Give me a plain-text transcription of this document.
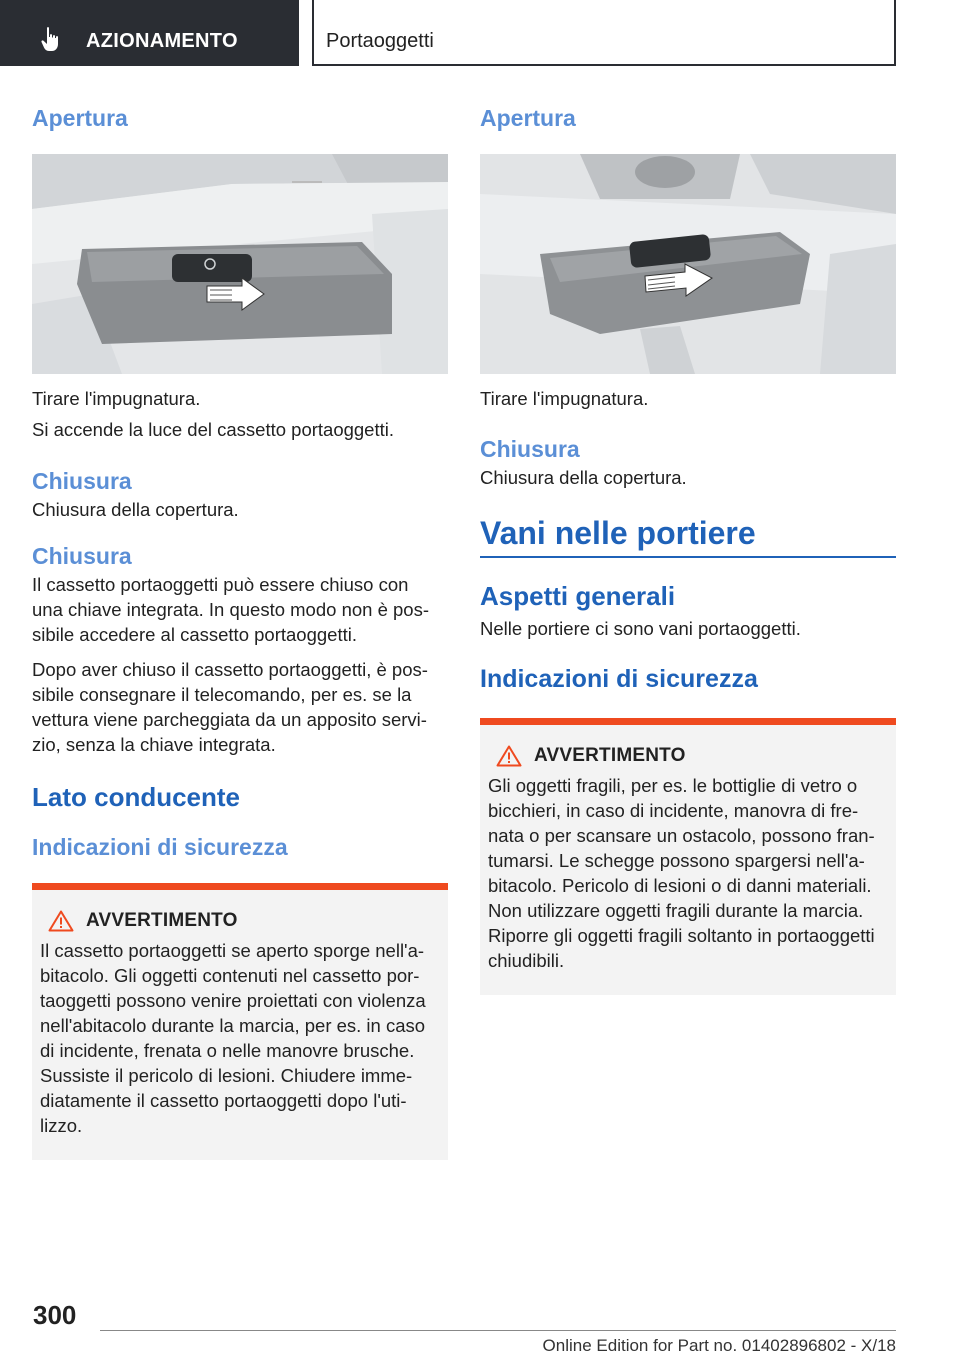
AZIONAMENTO	Portaoggetti
Apertura
Tirare l'impugnatura.
Si accende la luce del cassetto portaoggetti.
Chiusura
Chiusura della copertura.
Chiusura
Il cassetto portaoggetti può essere chiuso con
una chiave integrata. In questo modo non è pos-
sibile accedere al cassetto portaoggetti.
Dopo aver chiuso il cassetto portaoggetti, è pos-
sibile consegnare il telecomando, per es. se la
vettura viene parcheggiata da un apposito servi-
zio, senza la chiave integrata.
Lato conducente
Indicazioni di sicurezza
AVVERTIMENTO
Il cassetto portaoggetti se aperto sporge nell'a-
bitacolo. Gli oggetti contenuti nel cassetto por-
taoggetti possono venire proiettati con violenza
nell'abitacolo durante la marcia, per es. in caso
di incidente, frenata o nelle manovre brusche.
Sussiste il pericolo di lesioni. Chiudere imme-
diatamente il cassetto portaoggetti dopo l'uti-
lizzo.
Apertura
Tirare l'impugnatura.
Chiusura
Chiusura della copertura.
Vani nelle portiere
Aspetti generali
Nelle portiere ci sono vani portaoggetti.
Indicazioni di sicurezza
AVVERTIMENTO
Gli oggetti fragili, per es. le bottiglie di vetro o
bicchieri, in caso di incidente, manovra di fre-
nata o per scansare un ostacolo, possono fran-
tumarsi. Le schegge possono spargersi nell'a-
bitacolo. Pericolo di lesioni o di danni materiali.
Non utilizzare oggetti fragili durante la marcia.
Riporre gli oggetti fragili soltanto in portaoggetti
chiudibili.
300
Online Edition for Part no. 01402896802 - X/18
